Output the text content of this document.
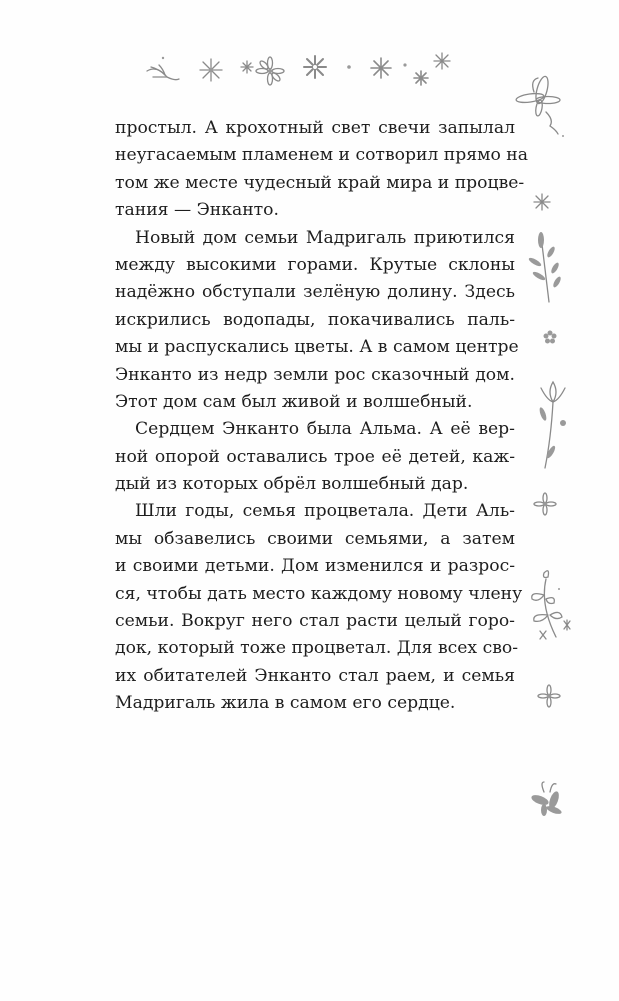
простыл. А крохотный свет свечи запылал
неугасаемым пламенем и сотворил прямо на
том же месте чудесный край мира и процве-
тания — Энканто.

Новый дом семьи Мадригаль приютился
между высокими горами. Крутые склоны
надёжно обступали зелёную долину. Здесь
искрились водопады, покачивались паль-
мы и распускались цветы. А в самом центре
Энканто из недр земли рос сказочный дом.
Этот дом сам был живой и волшебный.

Сердцем Энканто была Альма. А её вер-
ной опорой оставались трое её детей, каж-
дый из которых обрёл волшебный дар.

Шли годы, семья процветала. Дети Аль-
мы обзавелись своими семьями, а затем
и своими детьми. Дом изменился и разрос-
ся, чтобы дать место каждому новому члену
семьи. Вокруг него стал расти целый горо-
док, который тоже процветал. Для всех сво-
их обитателей Энканто стал раем, и семья
Мадригаль жила в самом его сердце.
